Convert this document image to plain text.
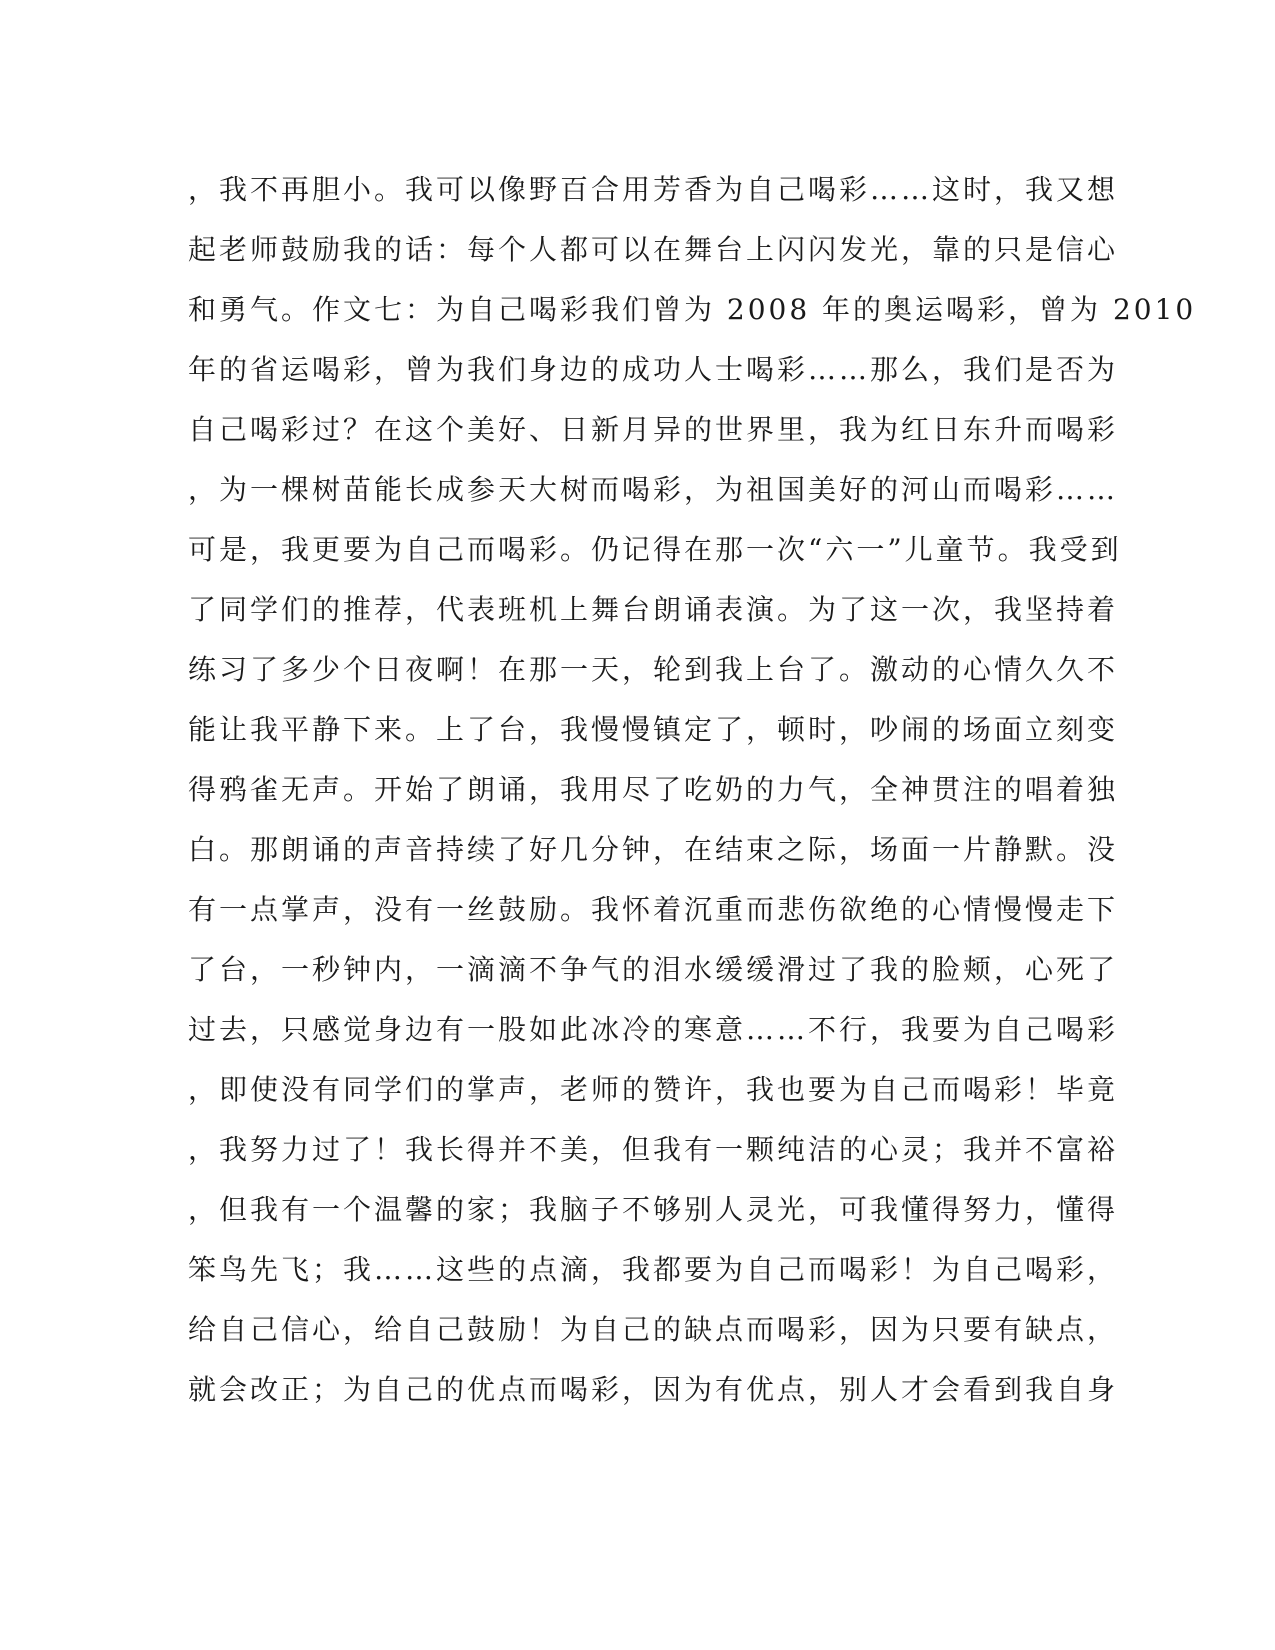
，我不再胆小。我可以像野百合用芳香为自己喝彩……这时，我又想
起老师鼓励我的话：每个人都可以在舞台上闪闪发光，靠的只是信心
和勇气。作文七：为自己喝彩我们曾为 2008 年的奥运喝彩，曾为 2010
年的省运喝彩，曾为我们身边的成功人士喝彩……那么，我们是否为
自己喝彩过？在这个美好、日新月异的世界里，我为红日东升而喝彩
，为一棵树苗能长成参天大树而喝彩，为祖国美好的河山而喝彩……
可是，我更要为自己而喝彩。仍记得在那一次“六一”儿童节。我受到
了同学们的推荐，代表班机上舞台朗诵表演。为了这一次，我坚持着
练习了多少个日夜啊！在那一天，轮到我上台了。激动的心情久久不
能让我平静下来。上了台，我慢慢镇定了，顿时，吵闹的场面立刻变
得鸦雀无声。开始了朗诵，我用尽了吃奶的力气，全神贯注的唱着独
白。那朗诵的声音持续了好几分钟，在结束之际，场面一片静默。没
有一点掌声，没有一丝鼓励。我怀着沉重而悲伤欲绝的心情慢慢走下
了台，一秒钟内，一滴滴不争气的泪水缓缓滑过了我的脸颊，心死了
过去，只感觉身边有一股如此冰冷的寒意……不行，我要为自己喝彩
，即使没有同学们的掌声，老师的赞许，我也要为自己而喝彩！毕竟
，我努力过了！我长得并不美，但我有一颗纯洁的心灵；我并不富裕
，但我有一个温馨的家；我脑子不够别人灵光，可我懂得努力，懂得
笨鸟先飞；我……这些的点滴，我都要为自己而喝彩！为自己喝彩，
给自己信心，给自己鼓励！为自己的缺点而喝彩，因为只要有缺点，
就会改正；为自己的优点而喝彩，因为有优点，别人才会看到我自身
